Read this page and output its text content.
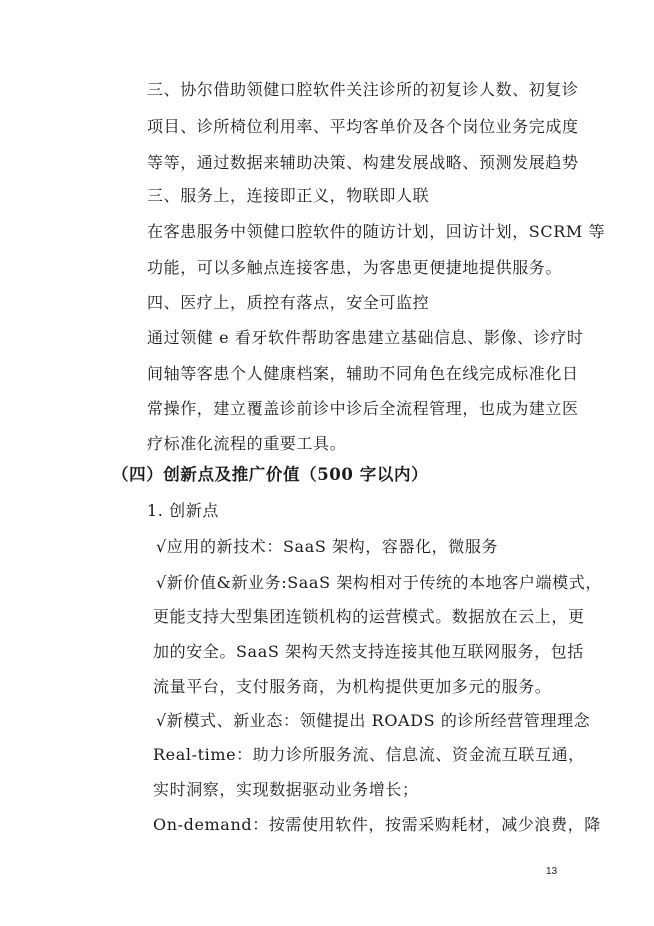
三、协尔借助领健口腔软件关注诊所的初复诊人数、初复诊
项目、诊所椅位利用率、平均客单价及各个岗位业务完成度
等等，通过数据来辅助决策、构建发展战略、预测发展趋势
三、服务上，连接即正义，物联即人联
在客患服务中领健口腔软件的随访计划，回访计划，SCRM 等
功能，可以多触点连接客患，为客患更便捷地提供服务。
四、医疗上，质控有落点，安全可监控
通过领健 e 看牙软件帮助客患建立基础信息、影像、诊疗时
间轴等客患个人健康档案，辅助不同角色在线完成标准化日
常操作，建立覆盖诊前诊中诊后全流程管理，也成为建立医
疗标准化流程的重要工具。
（四）创新点及推广价值（500 字以内）
1. 创新点
√应用的新技术：SaaS 架构，容器化，微服务
√新价值&新业务:SaaS 架构相对于传统的本地客户端模式，
更能支持大型集团连锁机构的运营模式。数据放在云上，更
加的安全。SaaS 架构天然支持连接其他互联网服务，包括
流量平台，支付服务商，为机构提供更加多元的服务。
√新模式、新业态：领健提出 ROADS 的诊所经营管理理念
Real-time：助力诊所服务流、信息流、资金流互联互通，
实时洞察，实现数据驱动业务增长；
On-demand：按需使用软件，按需采购耗材，减少浪费，降
13
